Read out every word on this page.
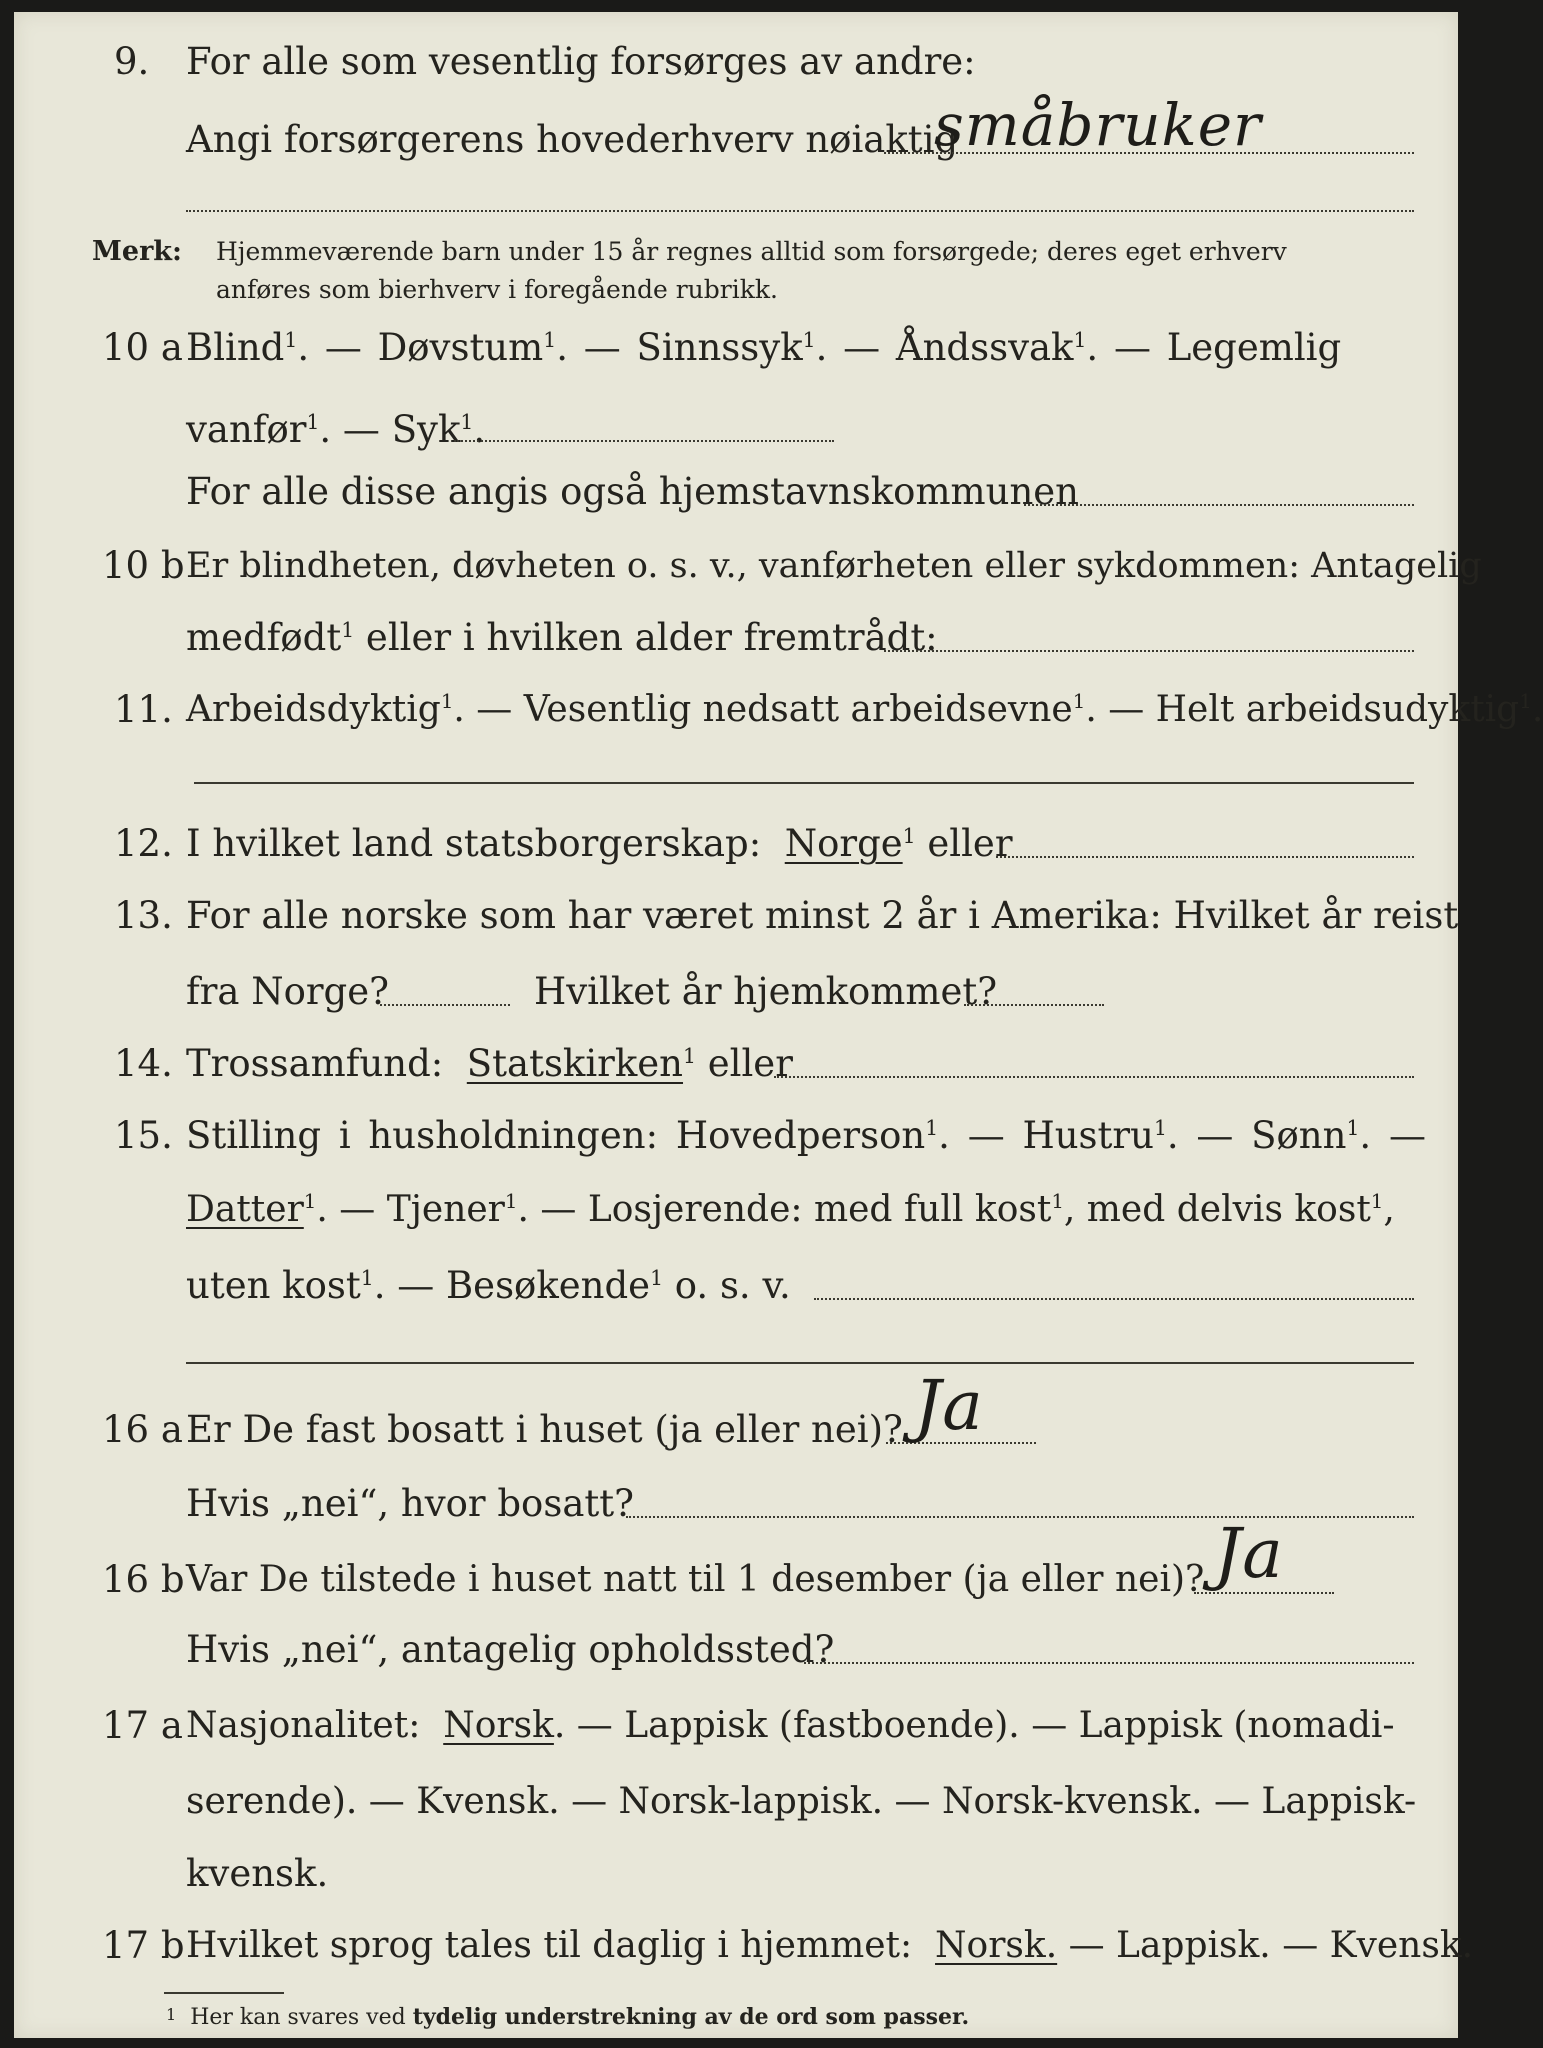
9. For alle som vesentlig forsørges av andre:
Angi forsørgerens hovederhverv nøiaktig
småbruker
Merk: Hjemmeværende barn under 15 år regnes alltid som forsørgede; deres eget erhverv
anføres som bierhverv i foregående rubrikk.
10 a Blind$^1$. — Døvstum$^1$. — Sinnssyk$^1$. — Åndssvak$^1$. — Legemlig
vanfør$^1$. — Syk$^1$.
For alle disse angis også hjemstavnskommunen
10 b Er blindheten, døvheten o. s. v., vanførheten eller sykdommen: Antagelig
medfødt$^1$ eller i hvilken alder fremtrådt:
11. Arbeidsdyktig$^1$. — Vesentlig nedsatt arbeidsevne$^1$. — Helt arbeidsudyktig$^1$.
12. I hvilket land statsborgerskap: Norge$^1$ eller
13. For alle norske som har været minst 2 år i Amerika: Hvilket år reist
fra Norge?	Hvilket år hjemkommet?
14. Trossamfund: Statskirken$^1$ eller
15. Stilling i husholdningen: Hovedperson$^1$. — Hustru$^1$. — Sønn$^1$. —
Datter$^1$. — Tjener$^1$. — Losjerende: med full kost$^1$, med delvis kost$^1$,
uten kost$^1$. — Besøkende$^1$ o. s. v.
16 a Er De fast bosatt i huset (ja eller nei)? Ja
Hvis „nei“, hvor bosatt?
16 b Var De tilstede i huset natt til 1 desember (ja eller nei)? Ja
Hvis „nei“, antagelig opholdssted?
17 a Nasjonalitet: Norsk. — Lappisk (fastboende). — Lappisk (nomadi-
serende). — Kvensk. — Norsk-lappisk. — Norsk-kvensk. — Lappisk-
kvensk.
17 b Hvilket sprog tales til daglig i hjemmet: Norsk. — Lappisk. — Kvensk.
1 Her kan svares ved tydelig understrekning av de ord som passer.
